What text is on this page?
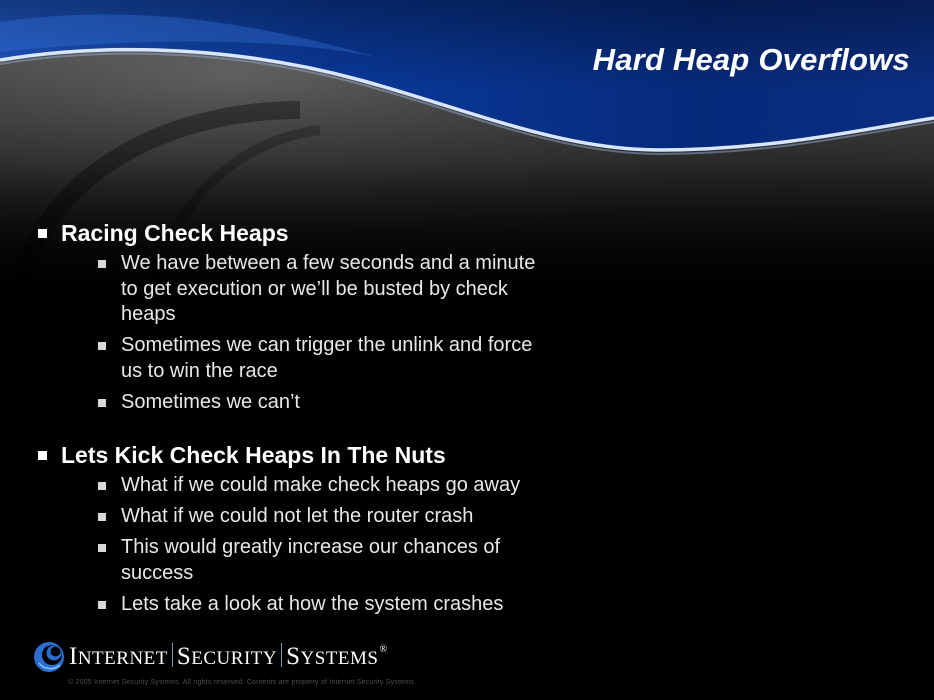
Hard Heap Overflows
Racing Check Heaps
We have between a few seconds and a minute to get execution or we’ll be busted by check heaps
Sometimes we can trigger the unlink and force us to win the race
Sometimes we can’t
Lets Kick Check Heaps In The Nuts
What if we could make check heaps go away
What if we could not let the router crash
This would greatly increase our chances of success
Lets take a look at how the system crashes
INTERNET SECURITY SYSTEMS®
© 2005 Internet Security Systems. All rights reserved. Contents are property of Internet Security Systems.
